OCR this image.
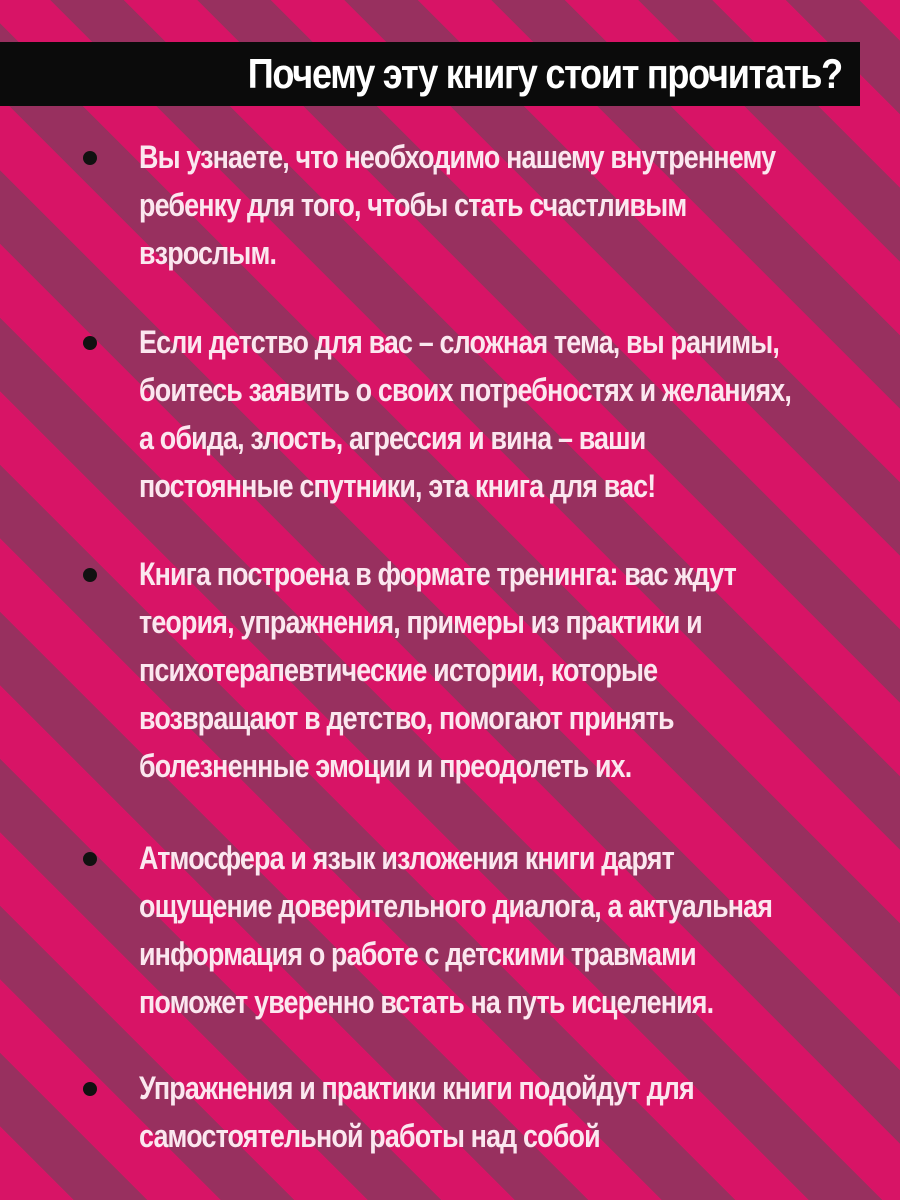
Почему эту книгу стоит прочитать?
Вы узнаете, что необходимо нашему внутреннему
ребенку для того, чтобы стать счастливым
взрослым.
Если детство для вас – сложная тема, вы ранимы,
боитесь заявить о своих потребностях и желаниях,
а обида, злость, агрессия и вина – ваши
постоянные спутники, эта книга для вас!
Книга построена в формате тренинга: вас ждут
теория, упражнения, примеры из практики и
психотерапевтические истории, которые
возвращают в детство, помогают принять
болезненные эмоции и преодолеть их.
Атмосфера и язык изложения книги дарят
ощущение доверительного диалога, а актуальная
информация о работе с детскими травмами
поможет уверенно встать на путь исцеления.
Упражнения и практики книги подойдут для
самостоятельной работы над собой
